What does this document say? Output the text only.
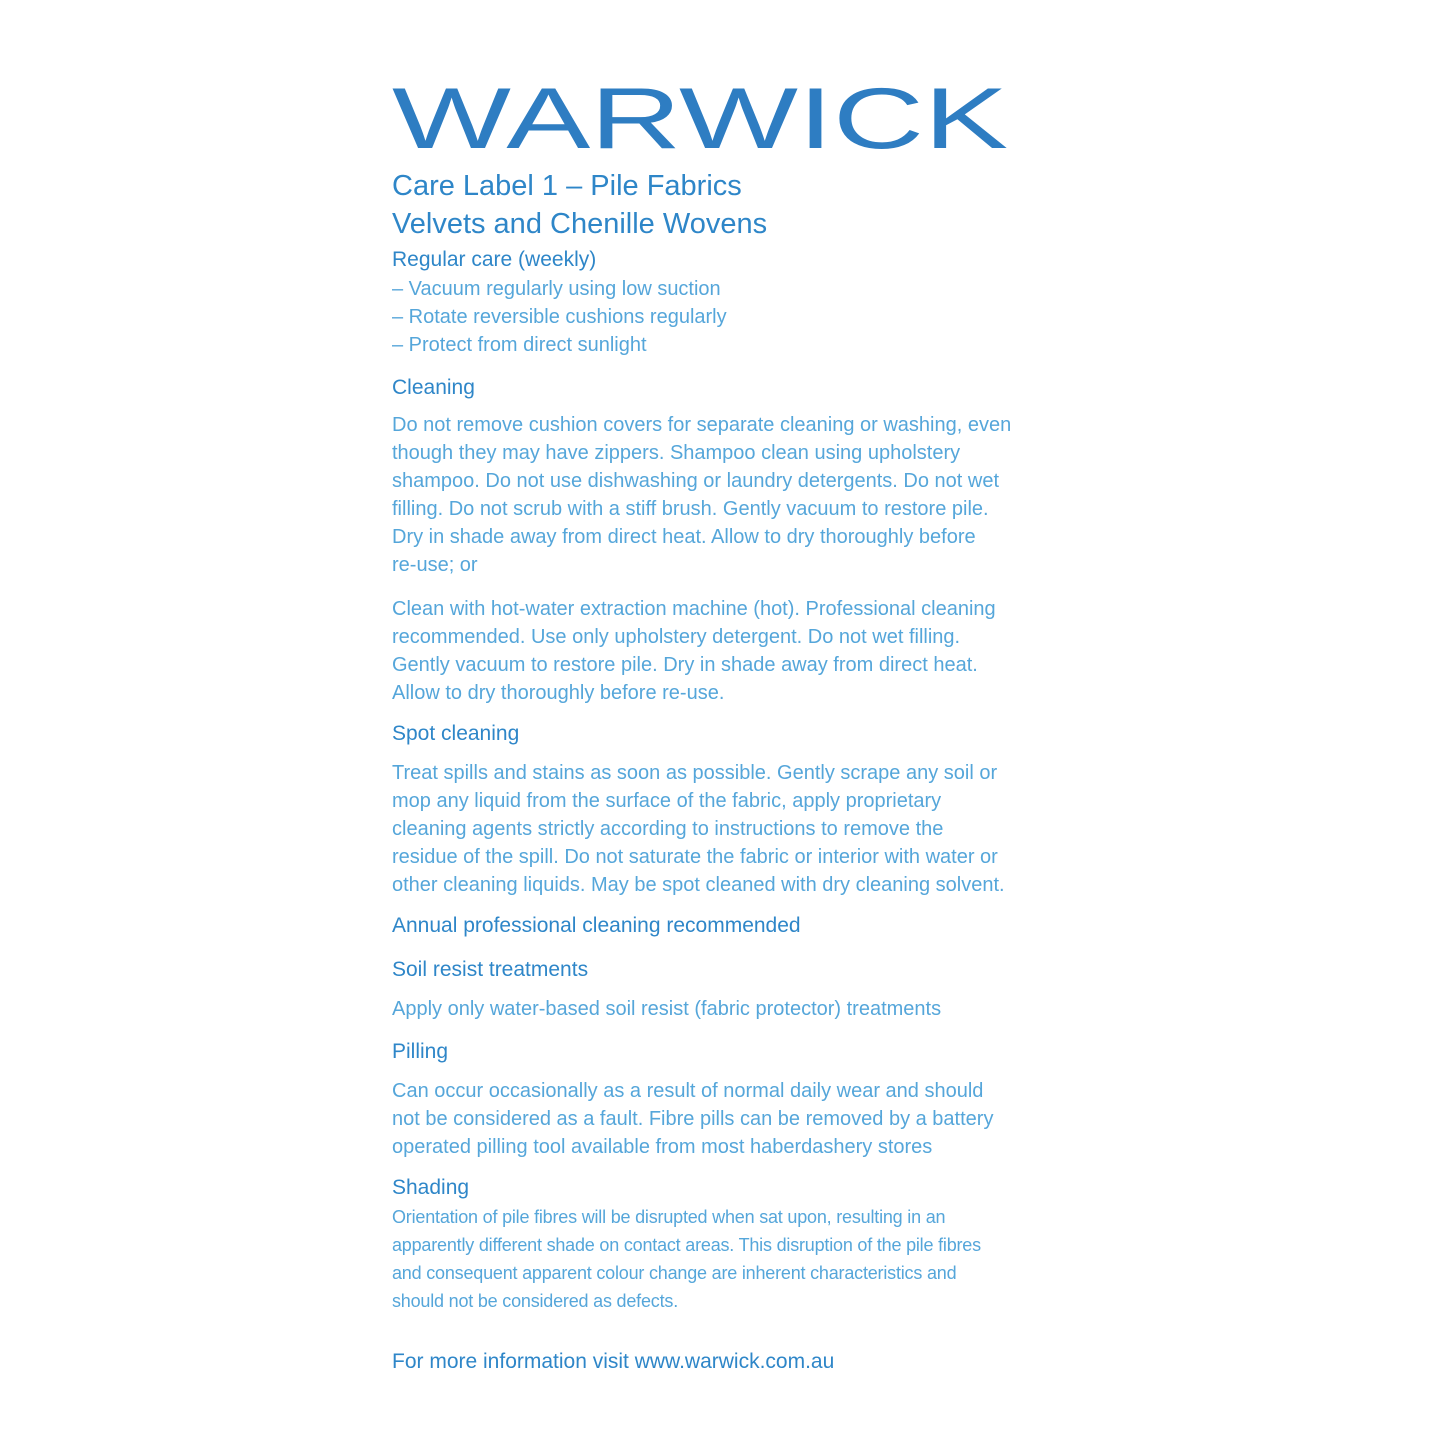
WARWICK
Care Label 1 – Pile Fabrics
Velvets and Chenille Wovens
Regular care (weekly)
– Vacuum regularly using low suction
– Rotate reversible cushions regularly
– Protect from direct sunlight
Cleaning
Do not remove cushion covers for separate cleaning or washing, even
though they may have zippers. Shampoo clean using upholstery
shampoo. Do not use dishwashing or laundry detergents. Do not wet
filling. Do not scrub with a stiff brush. Gently vacuum to restore pile.
Dry in shade away from direct heat. Allow to dry thoroughly before
re-use; or
Clean with hot-water extraction machine (hot). Professional cleaning
recommended. Use only upholstery detergent. Do not wet filling.
Gently vacuum to restore pile. Dry in shade away from direct heat.
Allow to dry thoroughly before re-use.
Spot cleaning
Treat spills and stains as soon as possible. Gently scrape any soil or
mop any liquid from the surface of the fabric, apply proprietary
cleaning agents strictly according to instructions to remove the
residue of the spill. Do not saturate the fabric or interior with water or
other cleaning liquids. May be spot cleaned with dry cleaning solvent.
Annual professional cleaning recommended
Soil resist treatments
Apply only water-based soil resist (fabric protector) treatments
Pilling
Can occur occasionally as a result of normal daily wear and should
not be considered as a fault. Fibre pills can be removed by a battery
operated pilling tool available from most haberdashery stores
Shading
Orientation of pile fibres will be disrupted when sat upon, resulting in an
apparently different shade on contact areas. This disruption of the pile fibres
and consequent apparent colour change are inherent characteristics and
should not be considered as defects.
For more information visit www.warwick.com.au
